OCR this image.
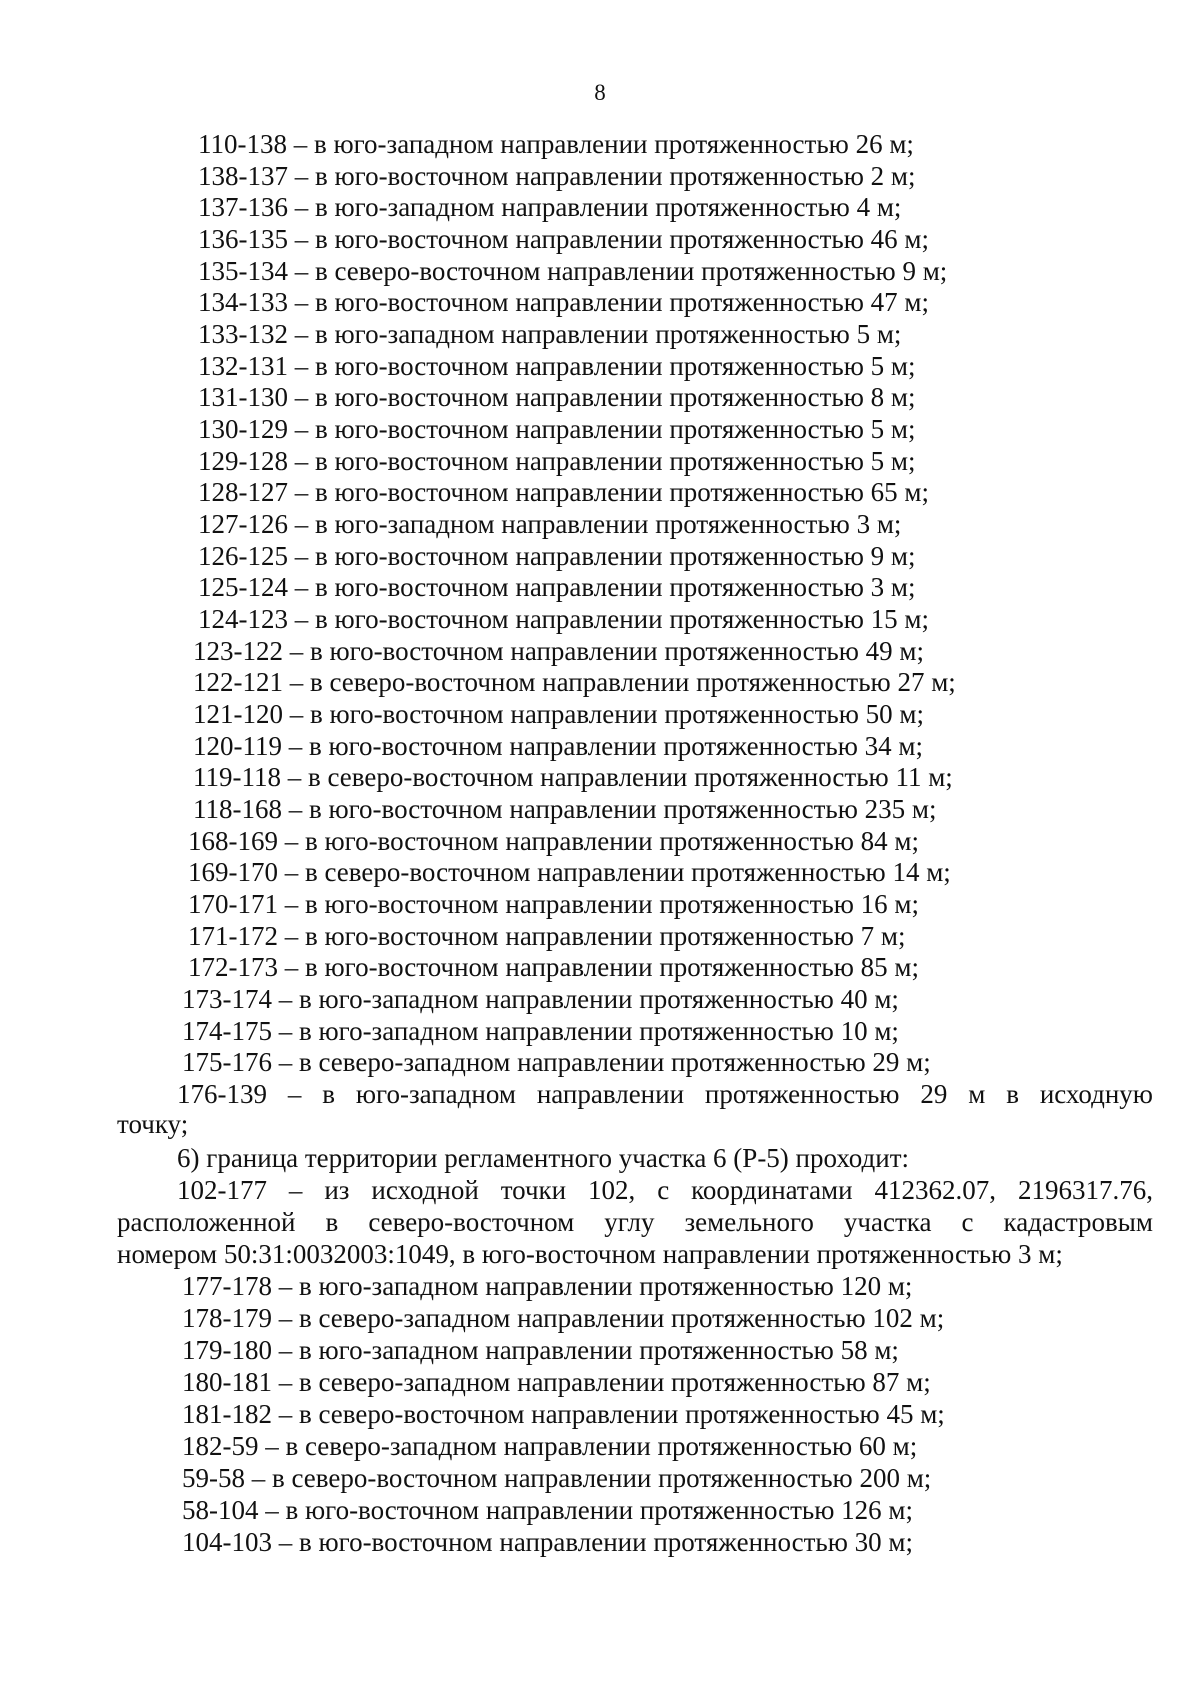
8
110-138 – в юго-западном направлении протяженностью 26 м;
138-137 – в юго-восточном направлении протяженностью 2 м;
137-136 – в юго-западном направлении протяженностью 4 м;
136-135 – в юго-восточном направлении протяженностью 46 м;
135-134 – в северо-восточном направлении протяженностью 9 м;
134-133 – в юго-восточном направлении протяженностью 47 м;
133-132 – в юго-западном направлении протяженностью 5 м;
132-131 – в юго-восточном направлении протяженностью 5 м;
131-130 – в юго-восточном направлении протяженностью 8 м;
130-129 – в юго-восточном направлении протяженностью 5 м;
129-128 – в юго-восточном направлении протяженностью 5 м;
128-127 – в юго-восточном направлении протяженностью 65 м;
127-126 – в юго-западном направлении протяженностью 3 м;
126-125 – в юго-восточном направлении протяженностью 9 м;
125-124 – в юго-восточном направлении протяженностью 3 м;
124-123 – в юго-восточном направлении протяженностью 15 м;
123-122 – в юго-восточном направлении протяженностью 49 м;
122-121 – в северо-восточном направлении протяженностью 27 м;
121-120 – в юго-восточном направлении протяженностью 50 м;
120-119 – в юго-восточном направлении протяженностью 34 м;
119-118 – в северо-восточном направлении протяженностью 11 м;
118-168 – в юго-восточном направлении протяженностью 235 м;
168-169 – в юго-восточном направлении протяженностью 84 м;
169-170 – в северо-восточном направлении протяженностью 14 м;
170-171 – в юго-восточном направлении протяженностью 16 м;
171-172 – в юго-восточном направлении протяженностью 7 м;
172-173 – в юго-восточном направлении протяженностью 85 м;
173-174 – в юго-западном направлении протяженностью 40 м;
174-175 – в юго-западном направлении протяженностью 10 м;
175-176 – в северо-западном направлении протяженностью 29 м;
176-139 – в юго-западном направлении протяженностью 29 м в исходную
точку;
6) граница территории регламентного участка 6 (Р-5) проходит:
102-177 – из исходной точки 102, с координатами 412362.07, 2196317.76,
расположенной в северо-восточном углу земельного участка с кадастровым
номером 50:31:0032003:1049, в юго-восточном направлении протяженностью 3 м;
177-178 – в юго-западном направлении протяженностью 120 м;
178-179 – в северо-западном направлении протяженностью 102 м;
179-180 – в юго-западном направлении протяженностью 58 м;
180-181 – в северо-западном направлении протяженностью 87 м;
181-182 – в северо-восточном направлении протяженностью 45 м;
182-59 – в северо-западном направлении протяженностью 60 м;
59-58 – в северо-восточном направлении протяженностью 200 м;
58-104 – в юго-восточном направлении протяженностью 126 м;
104-103 – в юго-восточном направлении протяженностью 30 м;
